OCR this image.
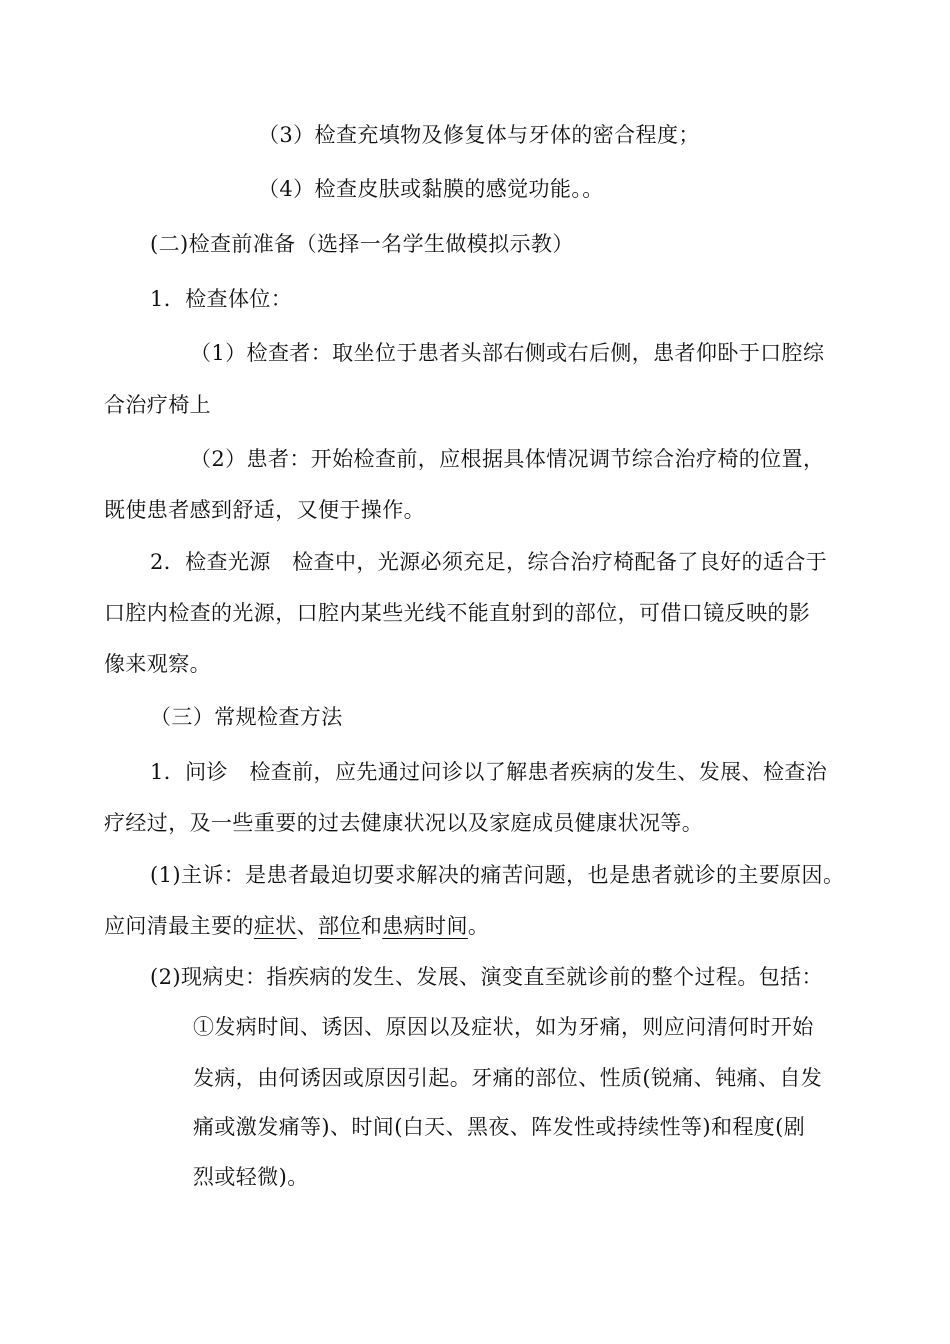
（3）检查充填物及修复体与牙体的密合程度；
（4）检查皮肤或黏膜的感觉功能。。
(二)检查前准备（选择一名学生做模拟示教）
1．检查体位：
（1）检查者：取坐位于患者头部右侧或右后侧，患者仰卧于口腔综
合治疗椅上
（2）患者：开始检查前，应根据具体情况调节综合治疗椅的位置，
既使患者感到舒适，又便于操作。
2．检查光源　检查中，光源必须充足，综合治疗椅配备了良好的适合于
口腔内检查的光源，口腔内某些光线不能直射到的部位，可借口镜反映的影
像来观察。
（三）常规检查方法
1．问诊　检查前，应先通过问诊以了解患者疾病的发生、发展、检查治
疗经过，及一些重要的过去健康状况以及家庭成员健康状况等。
(1)主诉：是患者最迫切要求解决的痛苦问题，也是患者就诊的主要原因。
应问清最主要的症状、部位和患病时间。
(2)现病史：指疾病的发生、发展、演变直至就诊前的整个过程。包括：
①发病时间、诱因、原因以及症状，如为牙痛，则应问清何时开始
发病，由何诱因或原因引起。牙痛的部位、性质(锐痛、钝痛、自发
痛或激发痛等)、时间(白天、黑夜、阵发性或持续性等)和程度(剧
烈或轻微)。
